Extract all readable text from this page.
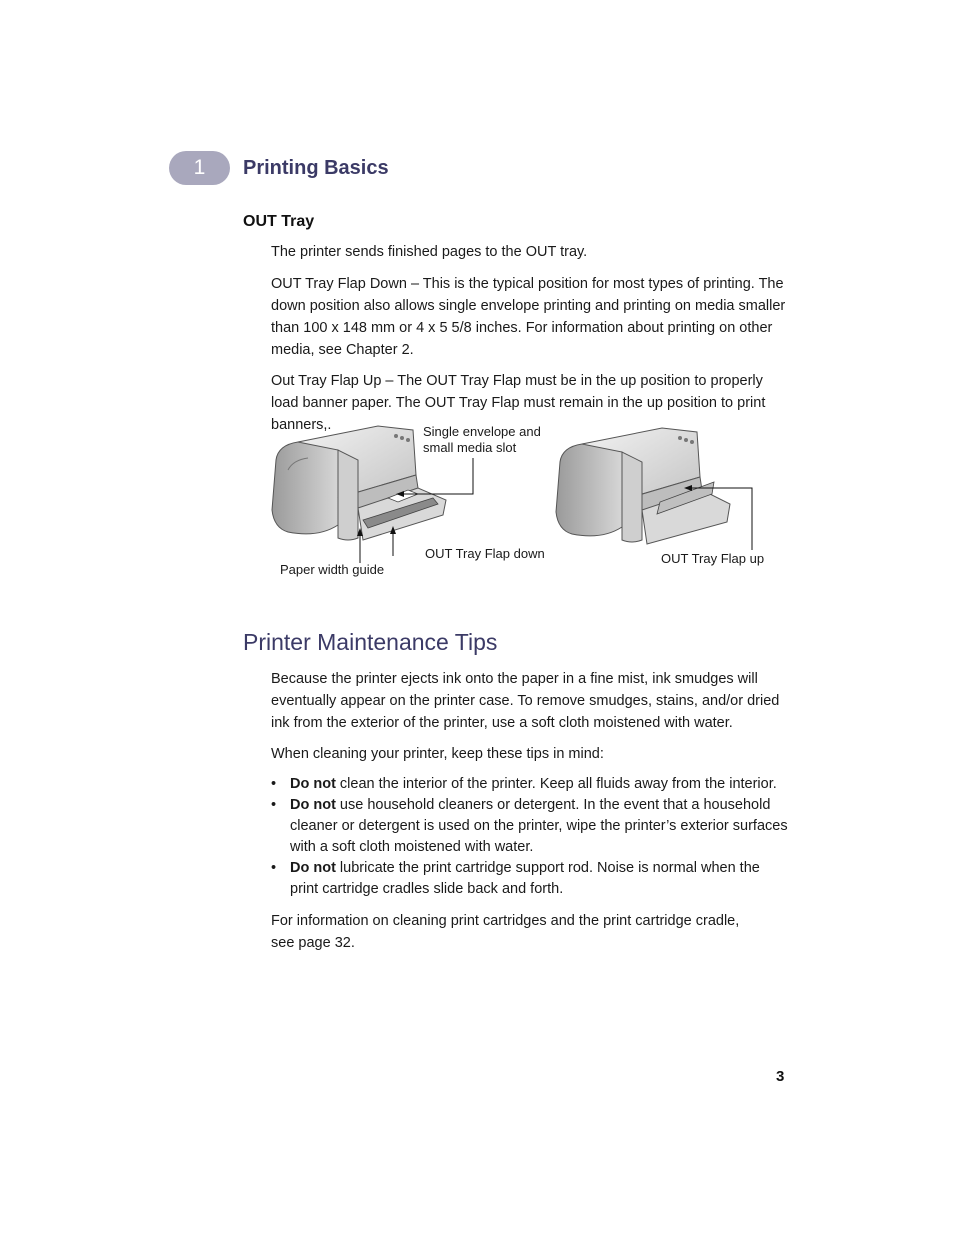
1	Printing Basics
OUT Tray

The printer sends finished pages to the OUT tray.

OUT Tray Flap Down – This is the typical position for most types of printing. The down position also allows single envelope printing and printing on media smaller than 100 x 148 mm or 4 x 5 5/8 inches. For information about printing on other media, see Chapter 2.

Out Tray Flap Up – The OUT Tray Flap must be in the up position to properly load banner paper. The OUT Tray Flap must remain in the up position to print banners,.	Single envelope and
small media slot
OUT Tray Flap down
Paper width guide
OUT Tray Flap up
Printer Maintenance Tips

Because the printer ejects ink onto the paper in a fine mist, ink smudges will eventually appear on the printer case. To remove smudges, stains, and/or dried ink from the exterior of the printer, use a soft cloth moistened with water.

When cleaning your printer, keep these tips in mind:

• Do not clean the interior of the printer. Keep all fluids away from the interior.
• Do not use household cleaners or detergent. In the event that a household cleaner or detergent is used on the printer, wipe the printer’s exterior surfaces with a soft cloth moistened with water.
• Do not lubricate the print cartridge support rod. Noise is normal when the print cartridge cradles slide back and forth.

For information on cleaning print cartridges and the print cartridge cradle,
see page 32.

3
